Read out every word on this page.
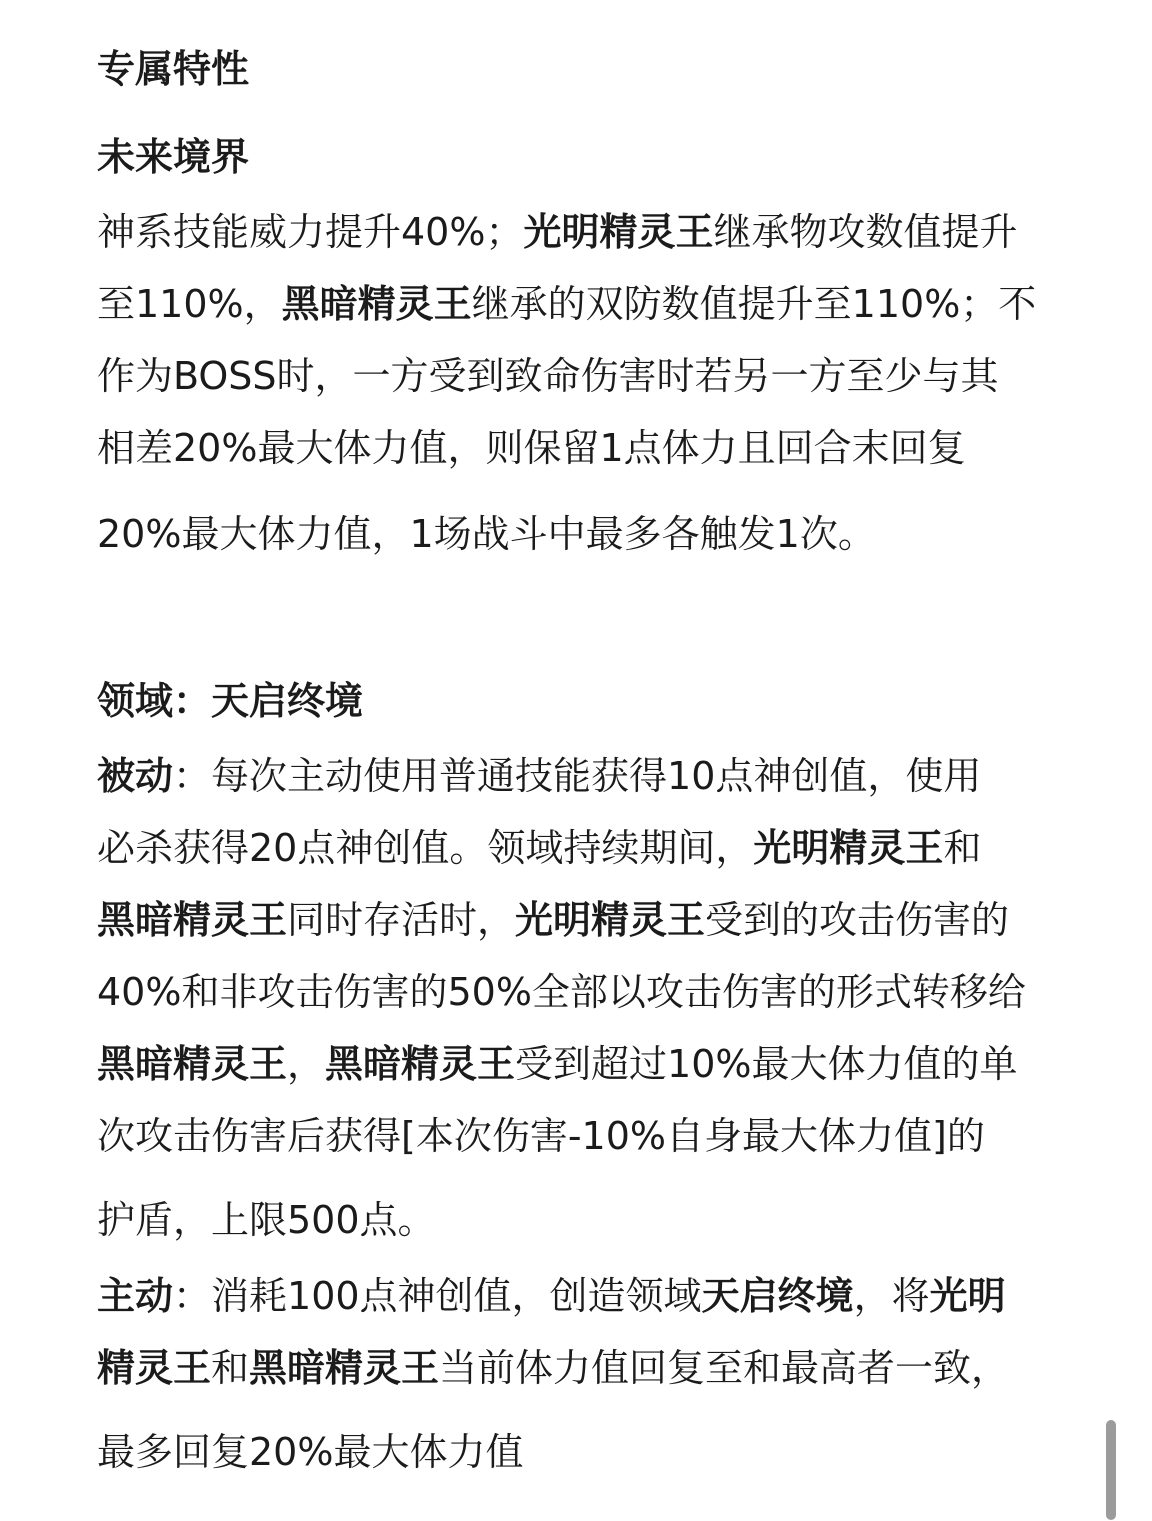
专属特性
未来境界
神系技能威力提升40%；光明精灵王继承物攻数值提升
至110%，黑暗精灵王继承的双防数值提升至110%；不
作为BOSS时，一方受到致命伤害时若另一方至少与其
相差20%最大体力值，则保留1点体力且回合末回复
20%最大体力值，1场战斗中最多各触发1次。
领域：天启终境
被动：每次主动使用普通技能获得10点神创值，使用
必杀获得20点神创值。领域持续期间，光明精灵王和
黑暗精灵王同时存活时，光明精灵王受到的攻击伤害的
40%和非攻击伤害的50%全部以攻击伤害的形式转移给
黑暗精灵王，黑暗精灵王受到超过10%最大体力值的单
次攻击伤害后获得[本次伤害-10%自身最大体力值]的
护盾，上限500点。
主动：消耗100点神创值，创造领域天启终境，将光明
精灵王和黑暗精灵王当前体力值回复至和最高者一致，
最多回复20%最大体力值
